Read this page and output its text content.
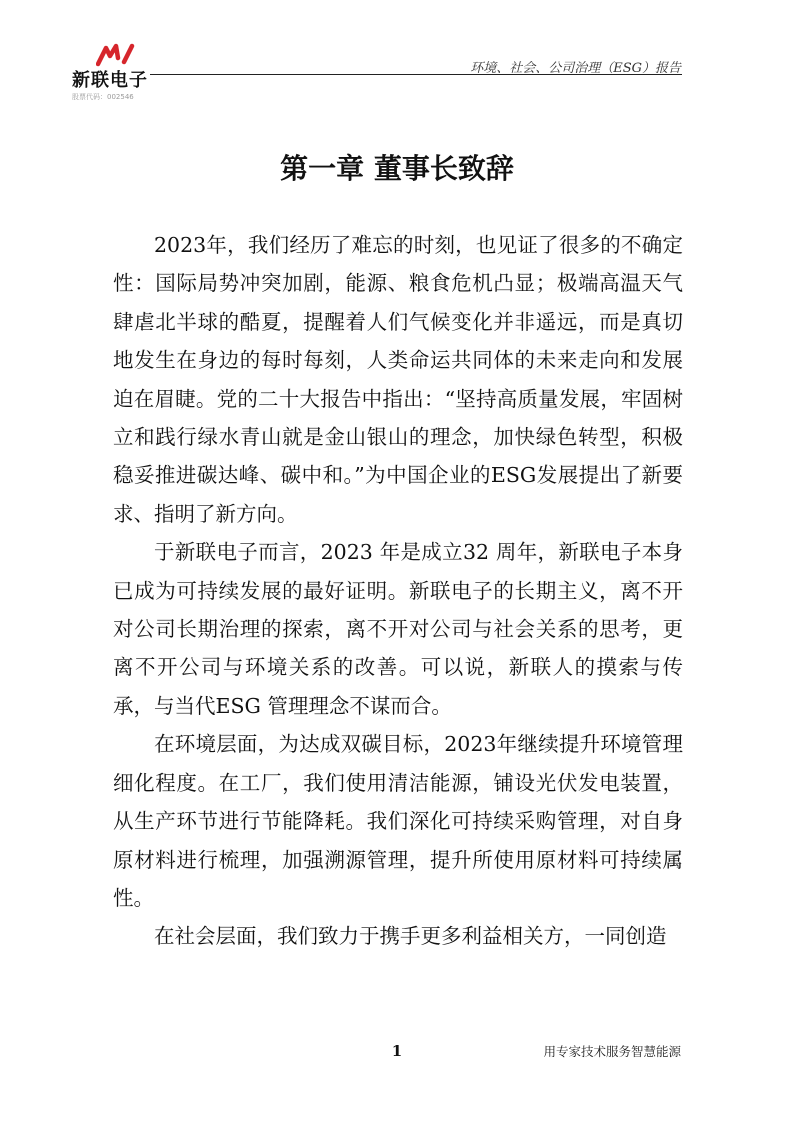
新联电子
股票代码：002546
环境、社会、公司治理（ESG）报告
第一章 董事长致辞

2023年，我们经历了难忘的时刻，也见证了很多的不确定性：国际局势冲突加剧，能源、粮食危机凸显；极端高温天气肆虐北半球的酷夏，提醒着人们气候变化并非遥远，而是真切地发生在身边的每时每刻，人类命运共同体的未来走向和发展迫在眉睫。党的二十大报告中指出：“坚持高质量发展，牢固树立和践行绿水青山就是金山银山的理念，加快绿色转型，积极稳妥推进碳达峰、碳中和。”为中国企业的ESG发展提出了新要求、指明了新方向。

于新联电子而言，2023 年是成立32 周年，新联电子本身已成为可持续发展的最好证明。新联电子的长期主义，离不开对公司长期治理的探索，离不开对公司与社会关系的思考，更离不开公司与环境关系的改善。可以说，新联人的摸索与传承，与当代ESG 管理理念不谋而合。

在环境层面，为达成双碳目标，2023年继续提升环境管理细化程度。在工厂，我们使用清洁能源，铺设光伏发电装置，从生产环节进行节能降耗。我们深化可持续采购管理，对自身原材料进行梳理，加强溯源管理，提升所使用原材料可持续属性。

在社会层面，我们致力于携手更多利益相关方，一同创造

1	用专家技术服务智慧能源
